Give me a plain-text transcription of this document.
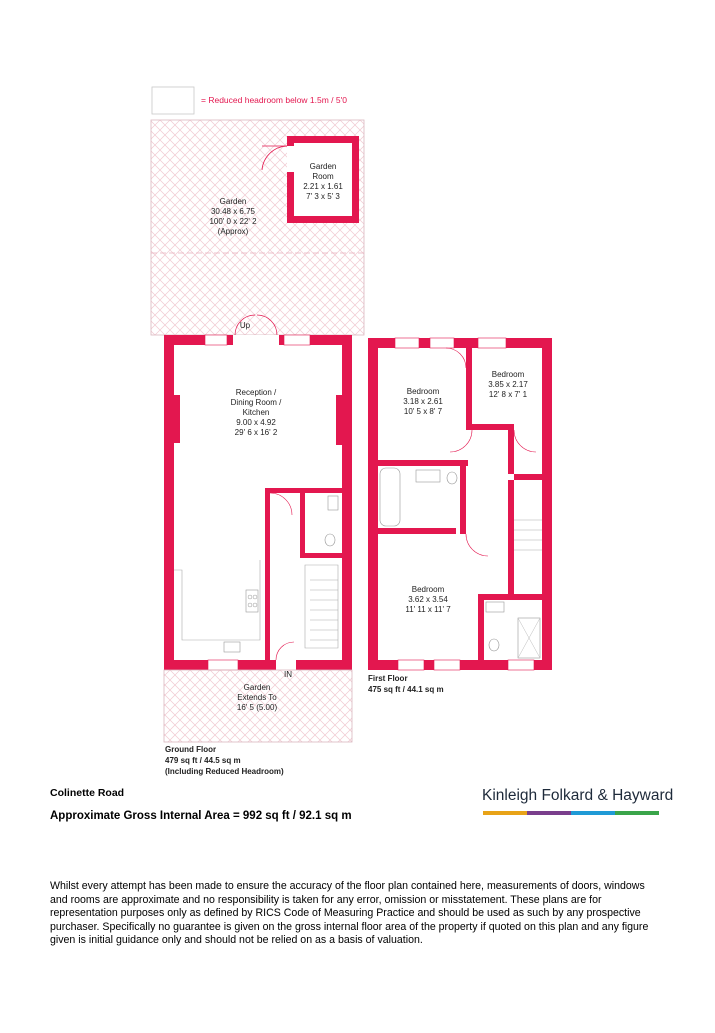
= Reduced headroom below 1.5m / 5'0
Garden
Room
2.21 x 1.61
7' 3 x 5' 3
Garden
30.48 x 6.75
100' 0 x 22' 2
(Approx)
Up
Reception /
Dining Room /
Kitchen
9.00 x 4.92
29' 6 x 16' 2
IN
Garden
Extends To
16' 5 (5.00)
Ground Floor
479 sq ft / 44.5 sq m
(Including Reduced Headroom)
Bedroom
3.18 x 2.61
10' 5 x 8' 7
Bedroom
3.85 x 2.17
12' 8 x 7' 1
Bedroom
3.62 x 3.54
11' 11 x 11' 7
First Floor
475 sq ft / 44.1 sq m
Colinette Road
Approximate Gross Internal Area = 992 sq ft / 92.1 sq m
Kinleigh Folkard & Hayward
Whilst every attempt has been made to ensure the accuracy of the floor plan contained here, measurements of doors, windows and rooms are approximate and no responsibility is taken for any error, omission or misstatement. These plans are for representation purposes only as defined by RICS Code of Measuring Practice and should be used as such by any prospective purchaser. Specifically no guarantee is given on the gross internal floor area of the property if quoted on this plan and any figure given is initial guidance only and should not be relied on as a basis of valuation.
